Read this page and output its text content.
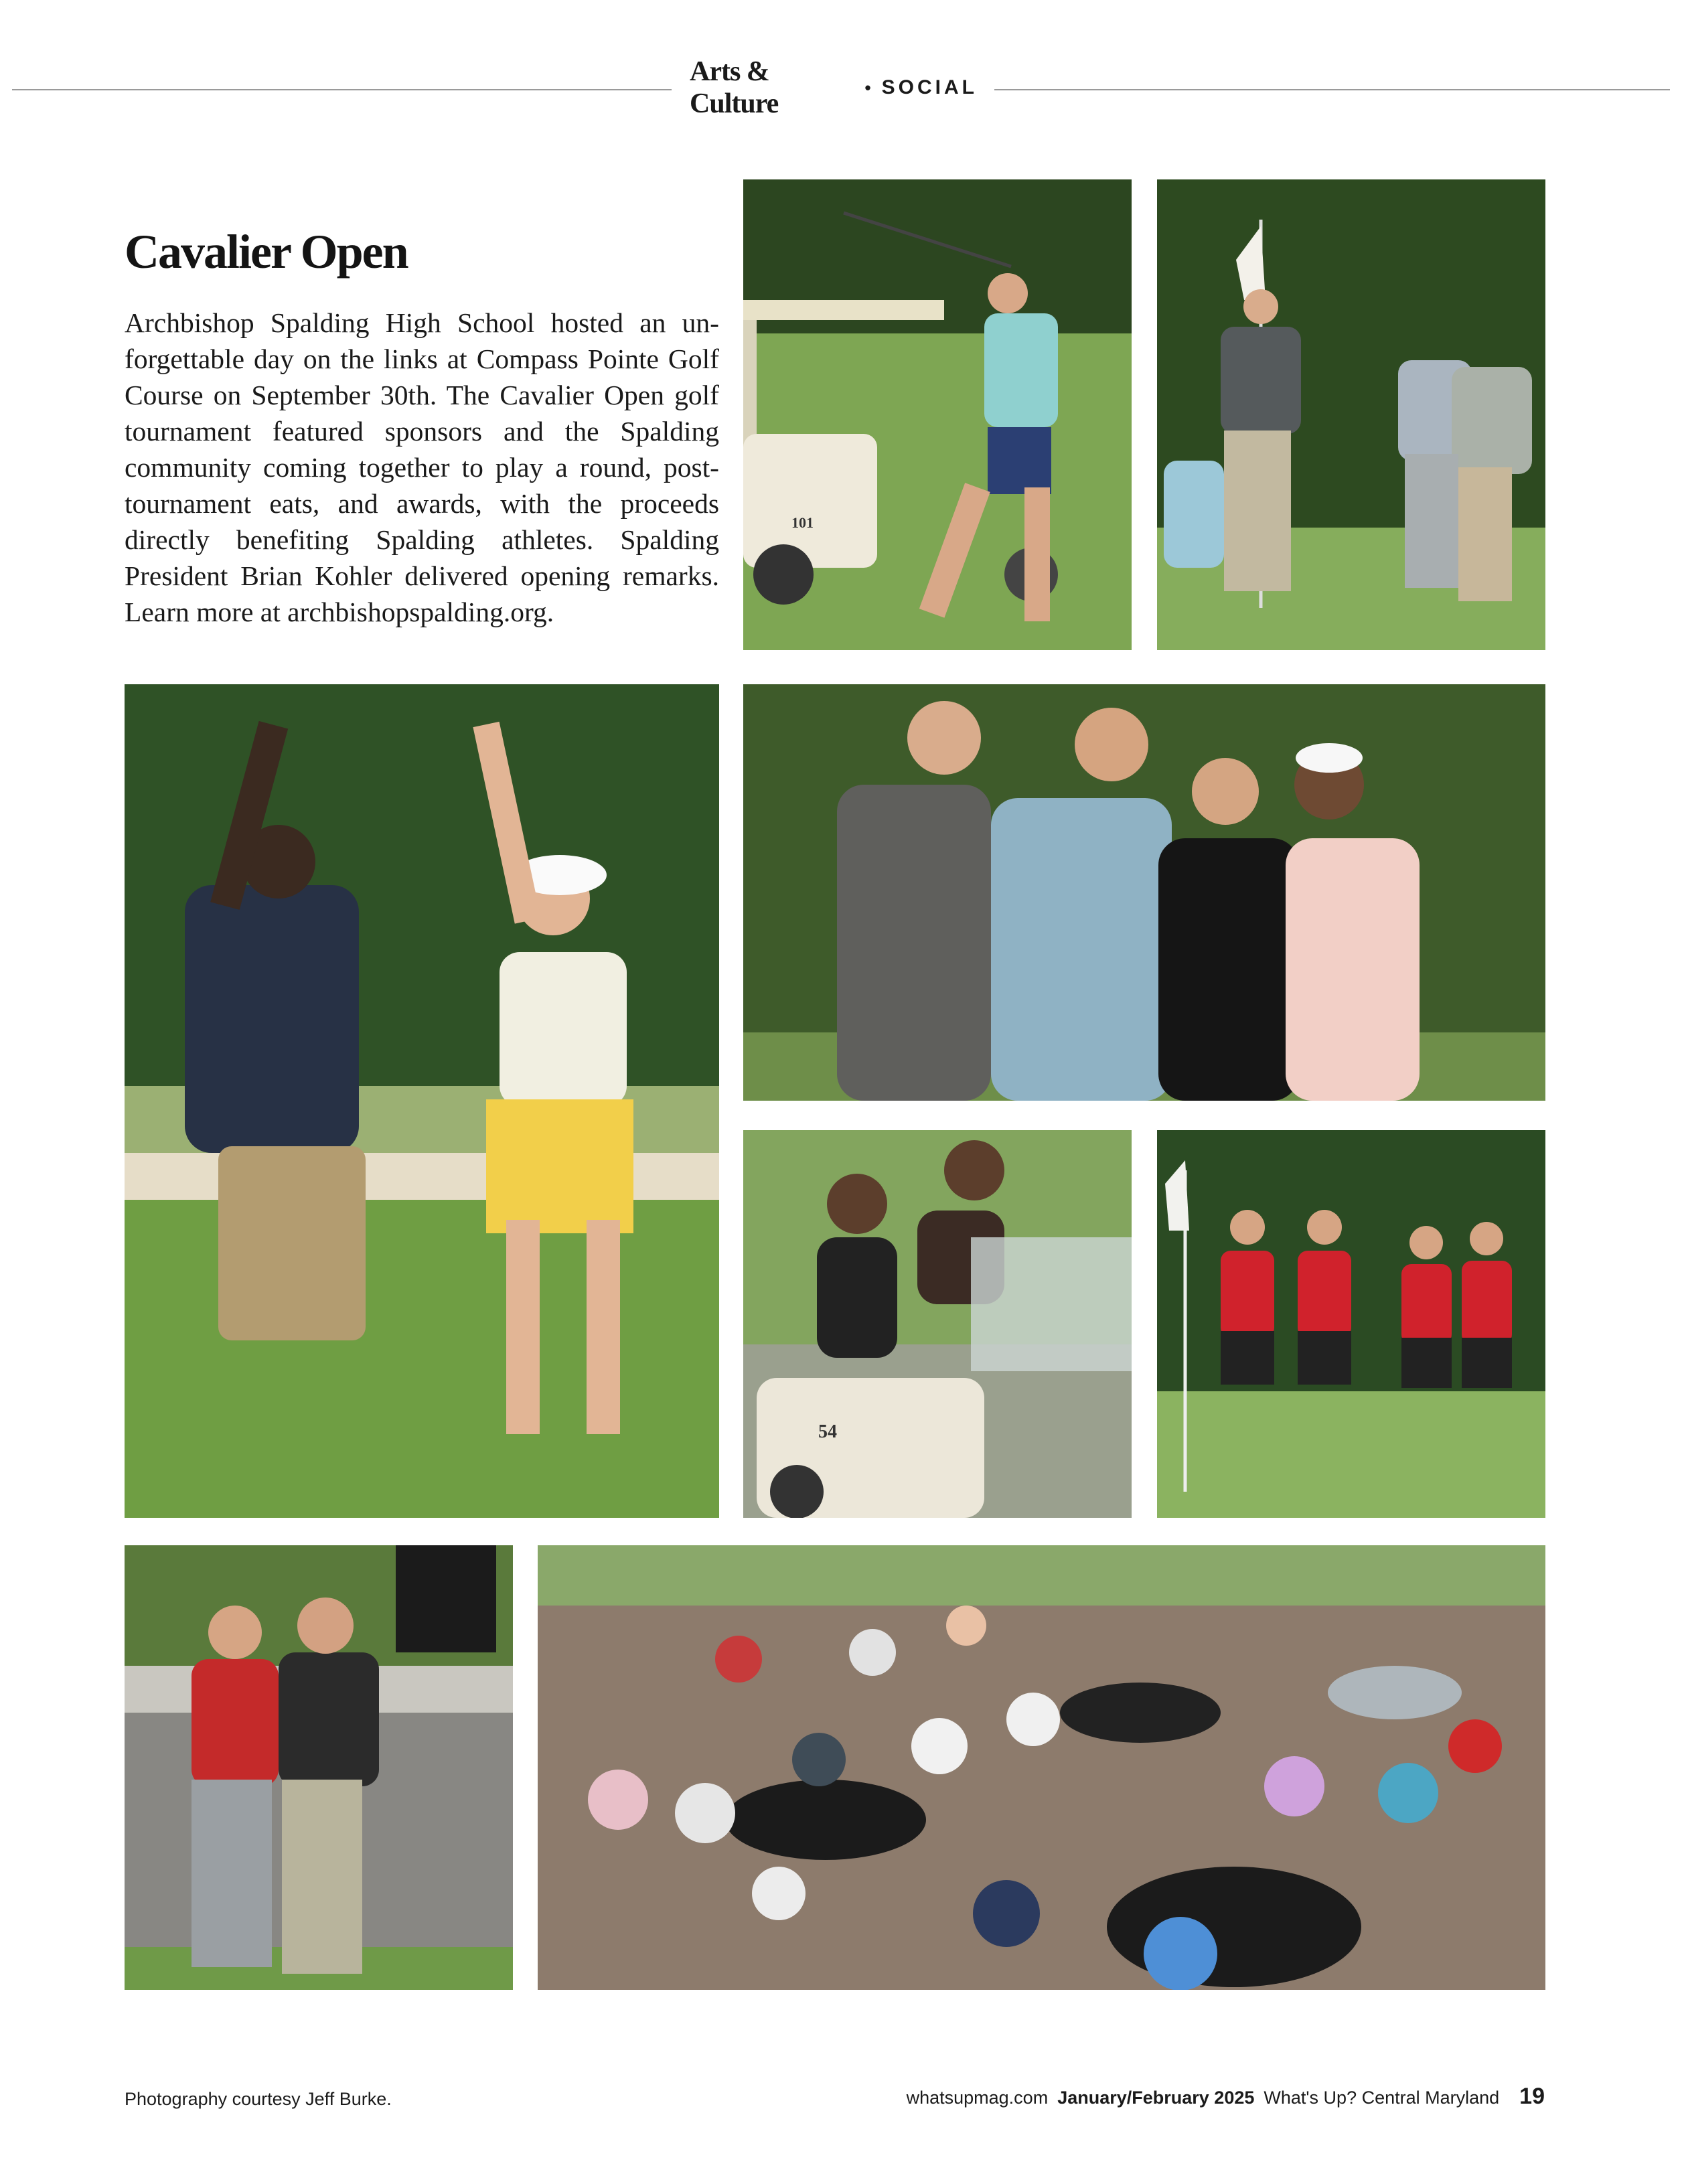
Arts & Culture
• SOCIAL
Cavalier Open

Archbishop Spalding High School hosted an unforgettable day on the links at Compass Pointe Golf Course on September 30th. The Cavalier Open golf tournament featured sponsors and the Spalding community coming together to play a round, post-tournament eats, and awards, with the proceeds directly benefiting Spalding athletes. Spalding President Brian Kohler delivered opening remarks. Learn more at archbishopspalding.org.

101
54
Photography courtesy Jeff Burke.	whatsupmag.com January/February 2025 What's Up? Central Maryland 19
